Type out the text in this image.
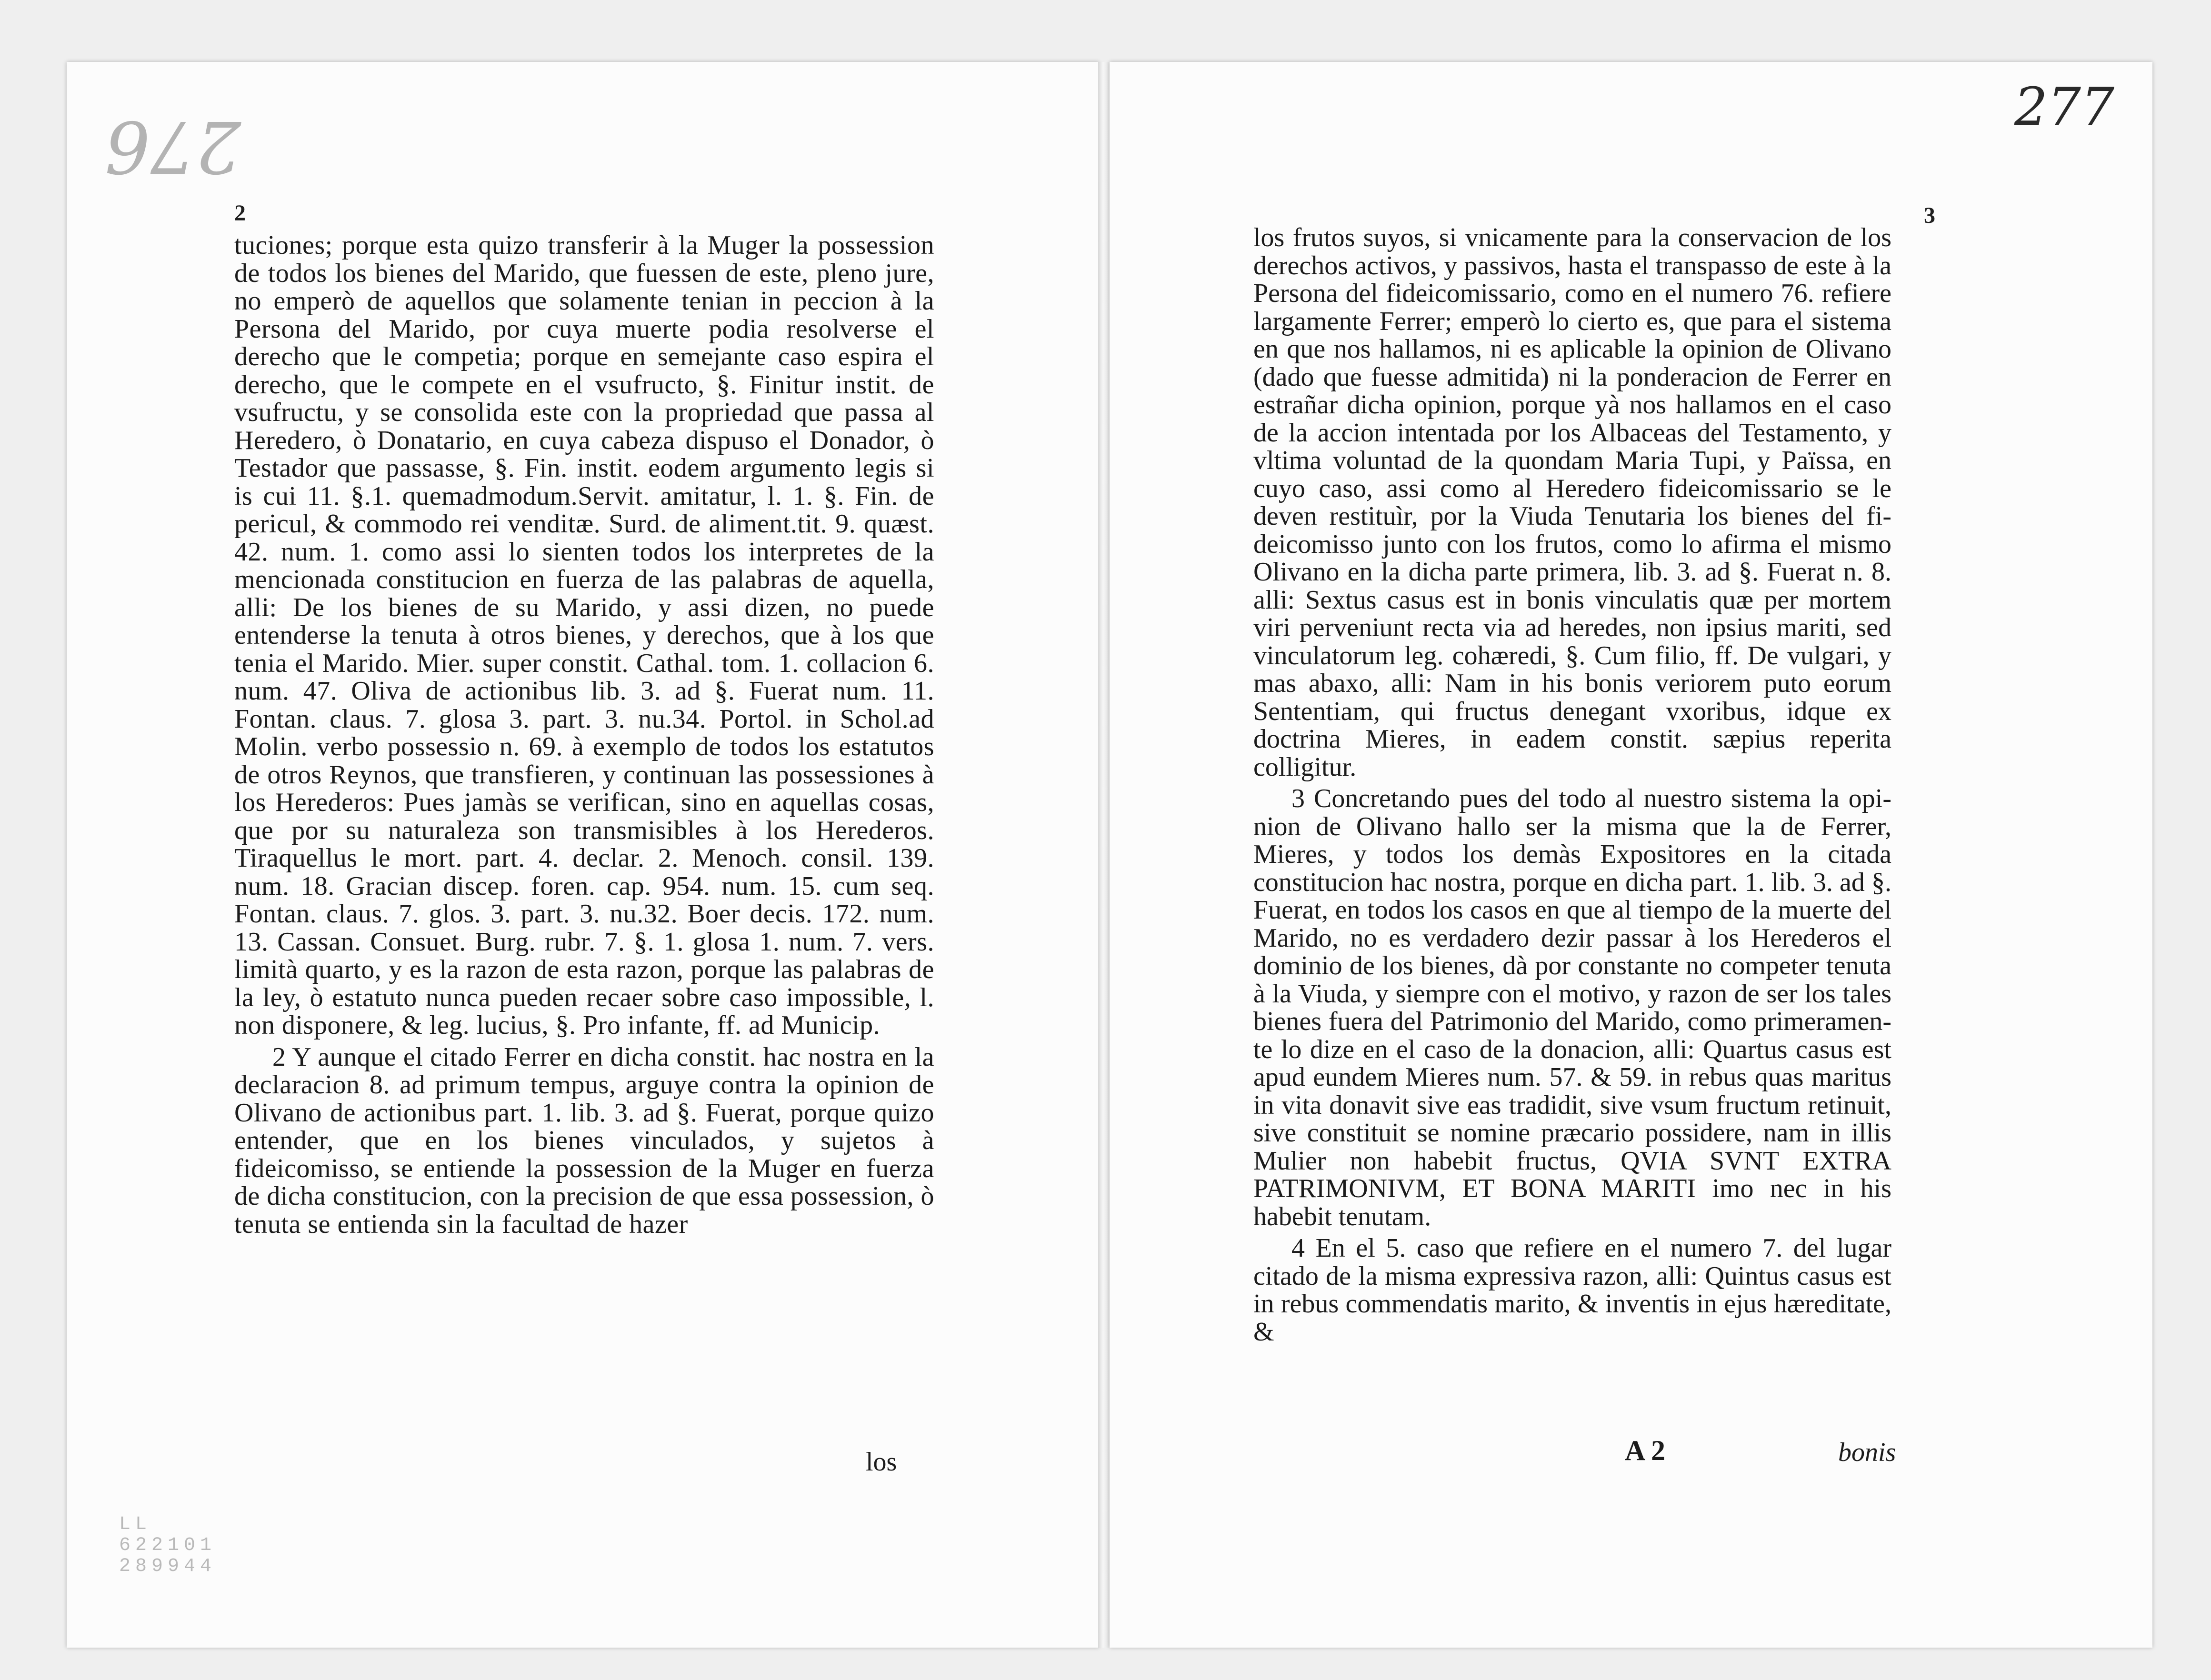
276	277
2	3

tuciones; porque esta quizo transferir à la Muger la possession de todos los bienes del Marido, que fuessen de este, pleno jure, no emperò de aquellos que solamente tenian in peccion à la Persona del Marido, por cuya muerte podia resolverse el derecho que le competia; porque en semejante caso espira el derecho, que le compete en el vsufructo, §. Finitur instit. de vsufructu, y se consolida este con la propriedad que passa al Heredero, ò Donatario, en cuya cabeza dispuso el Donador, ò Testador que passasse, §. Fin. instit. eodem argumento legis si is cui 11. §.1. quemadmodum.Servit. amitatur, l. 1. §. Fin. de pericul, & commodo rei venditæ. Surd. de aliment.tit. 9. quæst. 42. num. 1. como assi lo sienten todos los interpretes de la mencionada constitucion en fuerza de las palabras de aquella, alli: De los bienes de su Marido, y assi dizen, no puede entenderse la tenuta à otros bienes, y derechos, que à los que tenia el Marido. Mier. super constit. Cathal. tom. 1. collacion 6. num. 47. Oliva de actionibus lib. 3. ad §. Fuerat num. 11. Fontan. claus. 7. glosa 3. part. 3. nu.34. Portol. in Schol.ad Molin. verbo possessio n. 69. à exemplo de todos los estatutos de otros Reynos, que transfieren, y continuan las possessiones à los Herederos: Pues jamàs se verifican, sino en aquellas cosas, que por su naturaleza son transmisibles à los Herederos. Tiraquellus le mort. part. 4. declar. 2. Menoch. consil. 139. num. 18. Gracian discep. foren. cap. 954. num. 15. cum seq. Fontan. claus. 7. glos. 3. part. 3. nu.32. Boer decis. 172. num. 13. Cassan. Consuet. Burg. rubr. 7. §. 1. glosa 1. num. 7. vers. limità quarto, y es la razon de esta razon, porque las palabras de la ley, ò estatuto nunca pueden recaer sobre caso impossible, l. non disponere, & leg. lucius, §. Pro infante, ff. ad Municip.

2 Y aunque el citado Ferrer en dicha constit. hac nostra en la declaracion 8. ad primum tempus, arguye contra la opinion de Olivano de actionibus part. 1. lib. 3. ad §. Fuerat, porque quizo entender, que en los bienes vinculados, y sujetos à fideicomisso, se entiende la possession de la Muger en fuerza de dicha constitucion, con la precision de que essa possession, ò tenuta se entienda sin la facultad de hazer

los frutos suyos, si vnicamente para la conservacion de los derechos activos, y passivos, hasta el transpasso de este à la Persona del fideicomissario, como en el numero 76. refiere largamente Ferrer; emperò lo cierto es, que para el sistema en que nos hallamos, ni es aplicable la opinion de Olivano (dado que fuesse admitida) ni la ponderacion de Ferrer en estrañar dicha opinion, porque yà nos hallamos en el caso de la accion intentada por los Albaceas del Testamento, y vltima voluntad de la quondam Maria Tupi, y Païssa, en cuyo caso, assi como al Heredero fideicomissario se le deven restituìr, por la Viuda Tenutaria los bienes del fideicomisso junto con los frutos, como lo afirma el mismo Olivano en la dicha parte primera, lib. 3. ad §. Fuerat n. 8. alli: Sextus casus est in bonis vinculatis quæ per mortem viri perveniunt recta via ad heredes, non ipsius mariti, sed vinculatorum leg. cohæredi, §. Cum filio, ff. De vulgari, y mas abaxo, alli: Nam in his bonis veriorem puto eorum Sententiam, qui fructus denegant vxoribus, idque ex doctrina Mieres, in eadem constit. sæpius reperita colligitur.

3 Concretando pues del todo al nuestro sistema la opinion de Olivano hallo ser la misma que la de Ferrer, Mieres, y todos los demàs Expositores en la citada constitucion hac nostra, porque en dicha part. 1. lib. 3. ad §. Fuerat, en todos los casos en que al tiempo de la muerte del Marido, no es verdadero dezir passar à los Herederos el dominio de los bienes, dà por constante no competer tenuta à la Viuda, y siempre con el motivo, y razon de ser los tales bienes fuera del Patrimonio del Marido, como primeramente lo dize en el caso de la donacion, alli: Quartus casus est apud eundem Mieres num. 57. & 59. in rebus quas maritus in vita donavit sive eas tradidit, sive vsum fructum retinuit, sive constituit se nomine præcario possidere, nam in illis Mulier non habebit fructus, QVIA SVNT EXTRA PATRIMONIVM, ET BONA MARITI imo nec in his habebit tenutam.

4 En el 5. caso que refiere en el numero 7. del lugar citado de la misma expressiva razon, alli: Quintus casus est in rebus commendatis marito, & inventis in ejus hæreditate, &

los	A 2	bonis
LL
622101
289944
